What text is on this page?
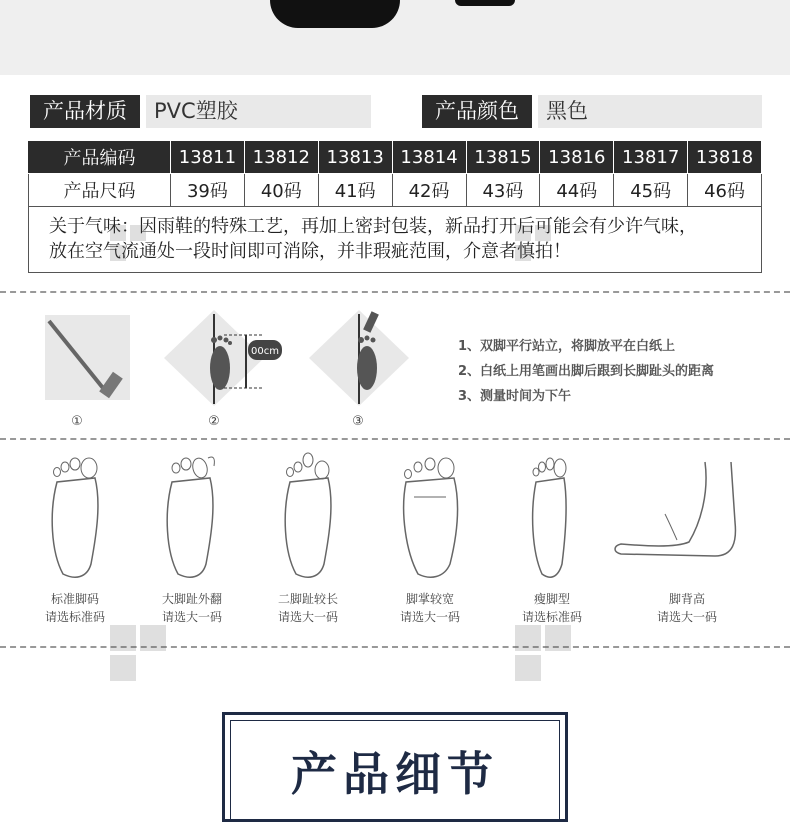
产品材质	PVC塑胶	产品颜色	黑色
产品编码	13811	13812	13813	13814	13815	13816	13817	13818
产品尺码	39码	40码	41码	42码	43码	44码	45码	46码
关于气味：因雨鞋的特殊工艺，再加上密封包装，新品打开后可能会有少许气味，
放在空气流通处一段时间即可消除，并非瑕疵范围，介意者慎拍！
①
00cm
②	③
1、双脚平行站立，将脚放平在白纸上
2、白纸上用笔画出脚后跟到长脚趾头的距离
3、测量时间为下午
标准脚码
请选标准码
大脚趾外翻
请选大一码
二脚趾较长
请选大一码
脚掌较宽
请选大一码
瘦脚型
请选标准码
脚背高
请选大一码
产品细节
